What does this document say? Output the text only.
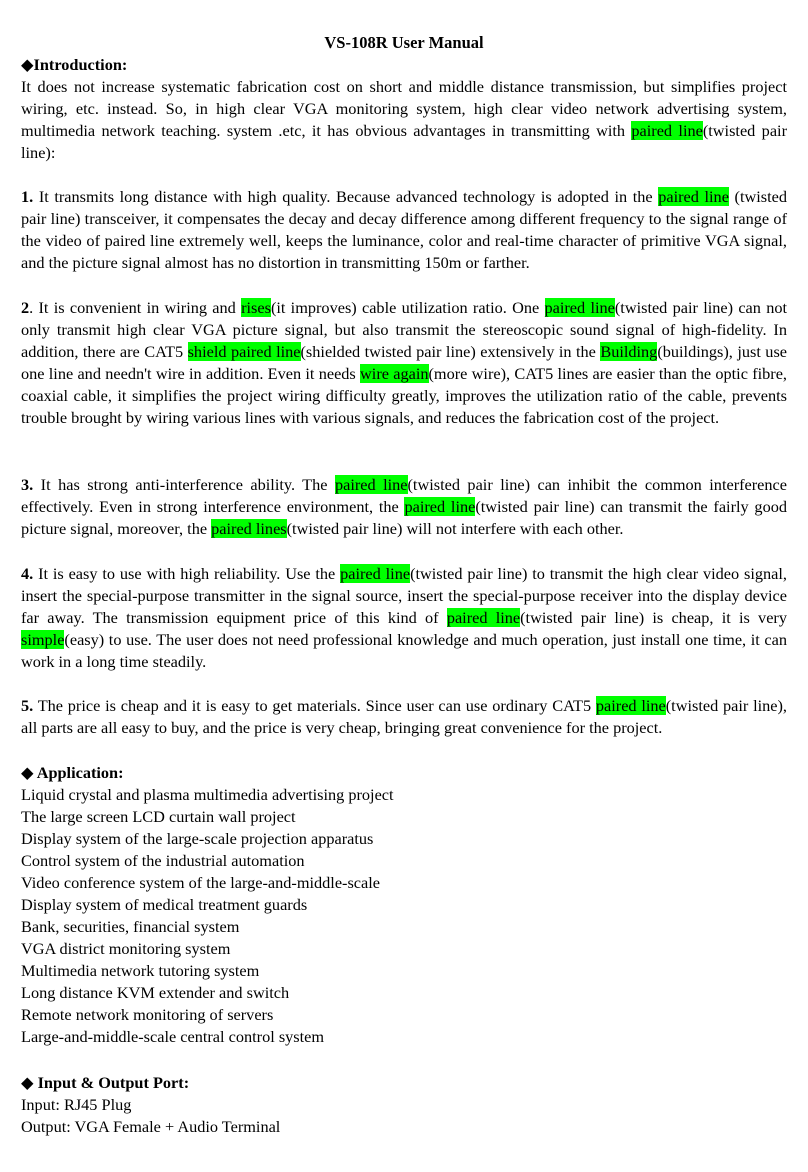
VS-108R User Manual
◆Introduction:

It does not increase systematic fabrication cost on short and middle distance transmission, but simplifies project wiring, etc. instead. So, in high clear VGA monitoring system, high clear video network advertising system, multimedia network teaching. system .etc, it has obvious advantages in transmitting with paired line(twisted pair line):

1. It transmits long distance with high quality. Because advanced technology is adopted in the paired line (twisted pair line) transceiver, it compensates the decay and decay difference among different frequency to the signal range of the video of paired line extremely well, keeps the luminance, color and real-time character of primitive VGA signal, and the picture signal almost has no distortion in transmitting 150m or farther.

2. It is convenient in wiring and rises(it improves) cable utilization ratio. One paired line(twisted pair line) can not only transmit high clear VGA picture signal, but also transmit the stereoscopic sound signal of high-fidelity. In addition, there are CAT5 shield paired line(shielded twisted pair line) extensively in the Building(buildings), just use one line and needn't wire in addition. Even it needs wire again(more wire), CAT5 lines are easier than the optic fibre, coaxial cable, it simplifies the project wiring difficulty greatly, improves the utilization ratio of the cable, prevents trouble brought by wiring various lines with various signals, and reduces the fabrication cost of the project.

3. It has strong anti-interference ability. The paired line(twisted pair line) can inhibit the common interference effectively. Even in strong interference environment, the paired line(twisted pair line) can transmit the fairly good picture signal, moreover, the paired lines(twisted pair line) will not interfere with each other.

4. It is easy to use with high reliability. Use the paired line(twisted pair line) to transmit the high clear video signal, insert the special-purpose transmitter in the signal source, insert the special-purpose receiver into the display device far away. The transmission equipment price of this kind of paired line(twisted pair line) is cheap, it is very simple(easy) to use. The user does not need professional knowledge and much operation, just install one time, it can work in a long time steadily.

5. The price is cheap and it is easy to get materials. Since user can use ordinary CAT5 paired line(twisted pair line), all parts are all easy to buy, and the price is very cheap, bringing great convenience for the project.

◆ Application:
Liquid crystal and plasma multimedia advertising project
The large screen LCD curtain wall project
Display system of the large-scale projection apparatus
Control system of the industrial automation
Video conference system of the large-and-middle-scale
Display system of medical treatment guards
Bank, securities, financial system
VGA district monitoring system
Multimedia network tutoring system
Long distance KVM extender and switch
Remote network monitoring of servers
Large-and-middle-scale central control system
◆ Input & Output Port:
Input: RJ45 Plug
Output: VGA Female + Audio Terminal
